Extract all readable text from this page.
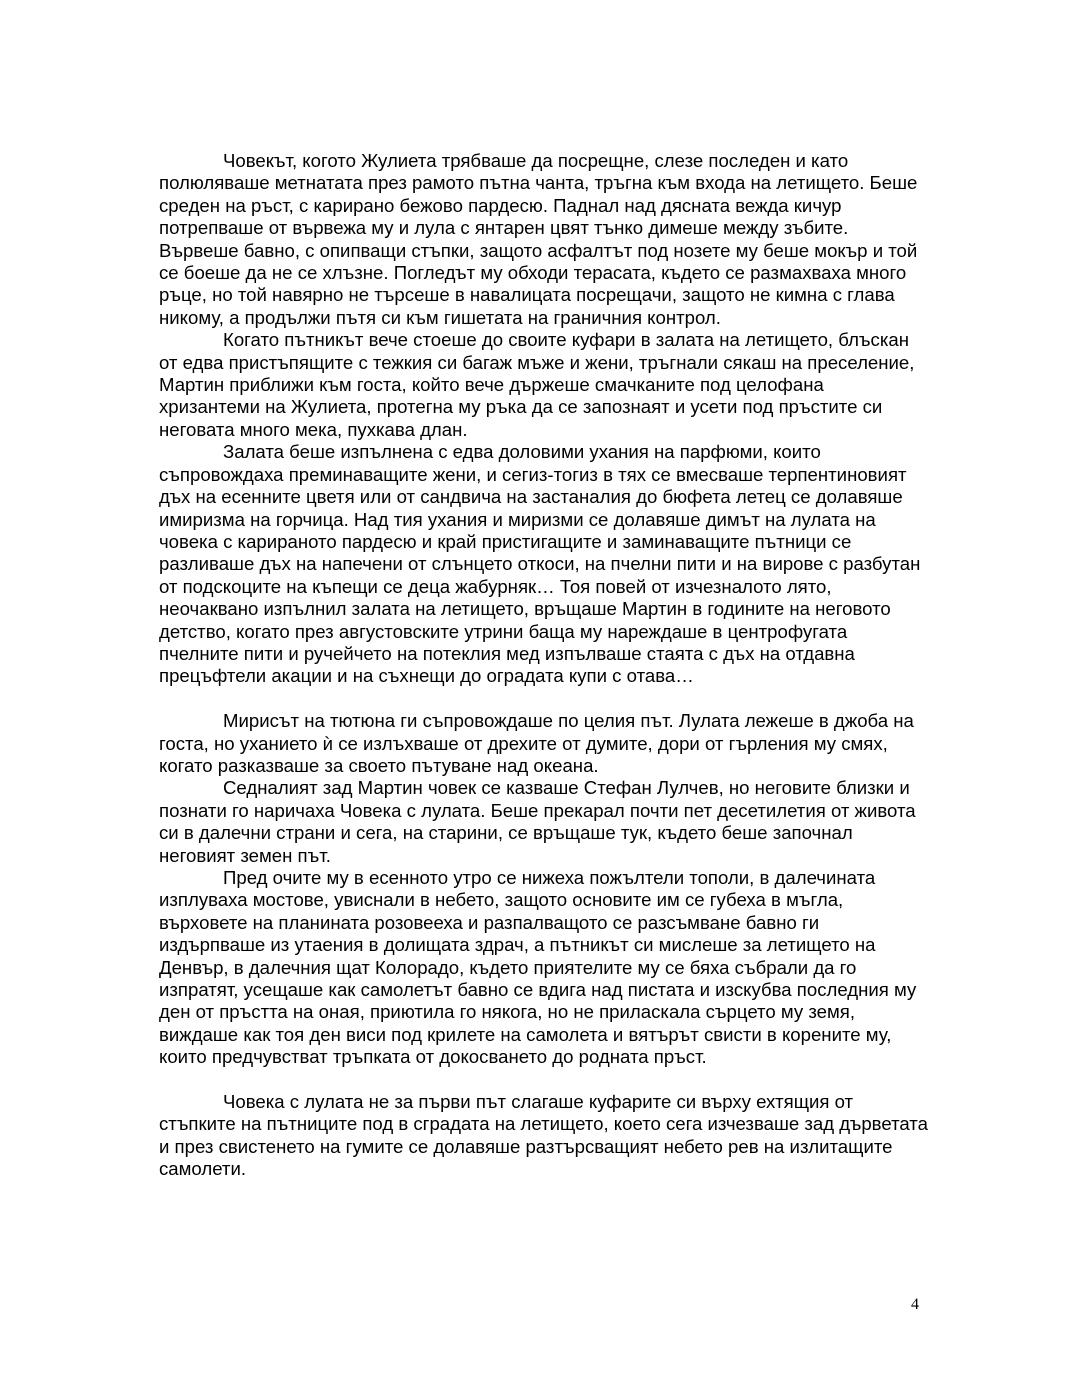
Човекът, когото Жулиета трябваше да посрещне, слезе последен и като полюляваше метнатата през рамото пътна чанта, тръгна към входа на летището. Беше среден на ръст, с карирано бежово пардесю. Паднал над дясната вежда кичур потрепваше от вървежа му и лула с янтарен цвят тънко димеше между зъбите. Вървеше бавно, с опипващи стъпки, защото асфалтът под нозете му беше мокър и той се боеше да не се хлъзне. Погледът му обходи терасата, където се размахваха много ръце, но той навярно не търсеше в навалицата посрещачи, защото не кимна с глава никому, а продължи пътя си към гишетата на граничния контрол.

Когато пътникът вече стоеше до своите куфари в залата на летището, блъскан от едва пристъпящите с тежкия си багаж мъже и жени, тръгнали сякаш на преселение, Мартин приближи към госта, който вече държеше смачканите под целофана хризантеми на Жулиета, протегна му ръка да се запознаят и усети под пръстите си неговата много мека, пухкава длан.

Залата беше изпълнена с едва доловими ухания на парфюми, които съпровождаха преминаващите жени, и сегиз-тогиз в тях се вмесваше терпентиновият дъх на есенните цветя или от сандвича на застаналия до бюфета летец се долавяше имиризма на горчица. Над тия ухания и миризми се долавяше димът на лулата на човека с карираното пардесю и край пристигащите и заминаващите пътници се разливаше дъх на напечени от слънцето откоси, на пчелни пити и на вирове с разбутан от подскоците на къпещи се деца жабурняк… Тоя повей от изчезналото лято, неочаквано изпълнил залата на летището, връщаше Мартин в годините на неговото детство, когато през августовските утрини баща му нареждаше в центрофугата пчелните пити и ручейчето на потеклия мед изпълваше стаята с дъх на отдавна прецъфтели акации и на съхнещи до оградата купи с отава…

Мирисът на тютюна ги съпровождаше по целия път. Лулата лежеше в джоба на госта, но уханието ѝ се излъхваше от дрехите от думите, дори от гърления му смях, когато разказваше за своето пътуване над океана.

Седналият зад Мартин човек се казваше Стефан Лулчев, но неговите близки и познати го наричаха Човека с лулата. Беше прекарал почти пет десетилетия от живота си в далечни страни и сега, на старини, се връщаше тук, където беше започнал неговият земен път.

Пред очите му в есенното утро се нижеха пожълтели тополи, в далечината изплуваха мостове, увиснали в небето, защото основите им се губеха в мъгла, върховете на планината розовееха и разпалващото се разсъмване бавно ги издърпваше из утаения в долищата здрач, а пътникът си мислеше за летището на Денвър, в далечния щат Колорадо, където приятелите му се бяха събрали да го изпратят, усещаше как самолетът бавно се вдига над пистата и изскубва последния му ден от пръстта на оная, приютила го някога, но не приласкала сърцето му земя, виждаше как тоя ден виси под крилете на самолета и вятърът свисти в корените му, които предчувстват тръпката от докосването до родната пръст.

Човека с лулата не за първи път слагаше куфарите си върху ехтящия от стъпките на пътниците под в сградата на летището, което сега изчезваше зад дърветата и през свистенето на гумите се долавяше разтърсващият небето рев на излитащите самолети.

4
